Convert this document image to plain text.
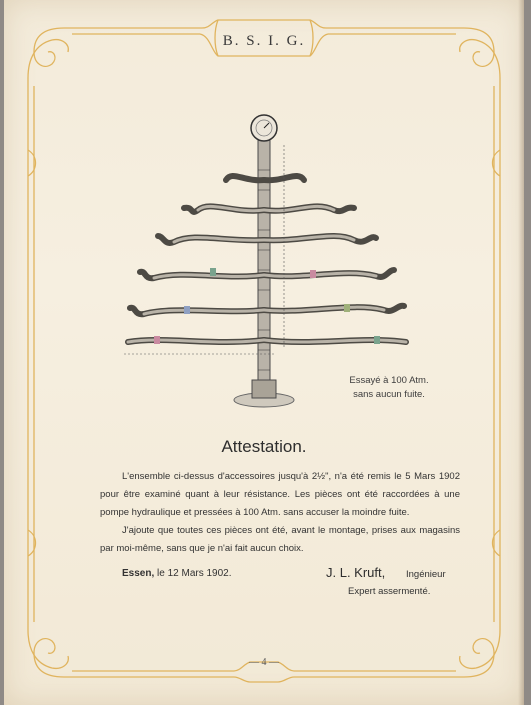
B. S. I. G.
Essayé à 100 Atm.
sans aucun fuite.
Attestation.

L'ensemble ci-dessus d'accessoires jusqu'à 2½", n'a été remis le 5 Mars 1902 pour être examiné quant à leur résistance. Les pièces ont été raccordées à une pompe hydraulique et pressées à 100 Atm. sans accuser la moindre fuite.

J'ajoute que toutes ces pièces ont été, avant le montage, prises aux magasins par moi-même, sans que je n'ai fait aucun choix.

Essen, le 12 Mars 1902.	J. L. Kruft, Ingénieur
Expert assermenté.
— 4 —
